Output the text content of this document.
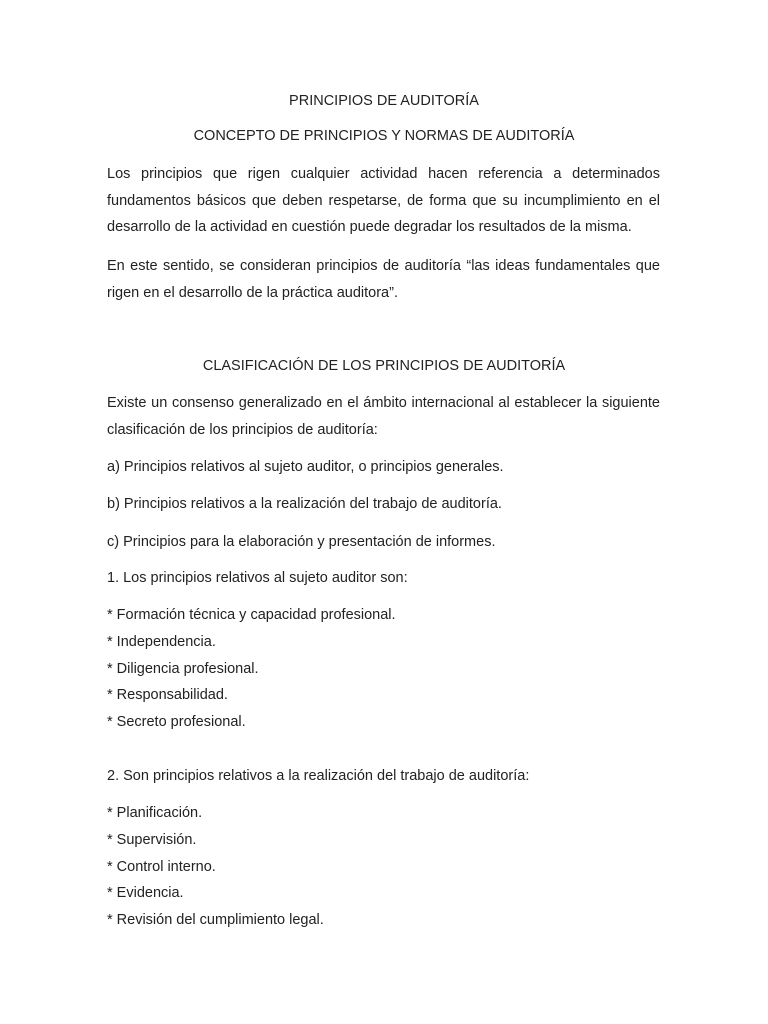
PRINCIPIOS DE AUDITORÍA
CONCEPTO DE PRINCIPIOS Y NORMAS DE AUDITORÍA

Los principios que rigen cualquier actividad hacen referencia a determinados fundamentos básicos que deben respetarse, de forma que su incumplimiento en el desarrollo de la actividad en cuestión puede degradar los resultados de la misma.

En este sentido, se consideran principios de auditoría “las ideas fundamentales que rigen en el desarrollo de la práctica auditora”.

CLASIFICACIÓN DE LOS PRINCIPIOS DE AUDITORÍA

Existe un consenso generalizado en el ámbito internacional al establecer la siguiente clasificación de los principios de auditoría:

a) Principios relativos al sujeto auditor, o principios generales.
b) Principios relativos a la realización del trabajo de auditoría.
c) Principios para la elaboración y presentación de informes.
1. Los principios relativos al sujeto auditor son:
* Formación técnica y capacidad profesional.
* Independencia.
* Diligencia profesional.
* Responsabilidad.
* Secreto profesional.
2. Son principios relativos a la realización del trabajo de auditoría:
* Planificación.
* Supervisión.
* Control interno.
* Evidencia.
* Revisión del cumplimiento legal.
